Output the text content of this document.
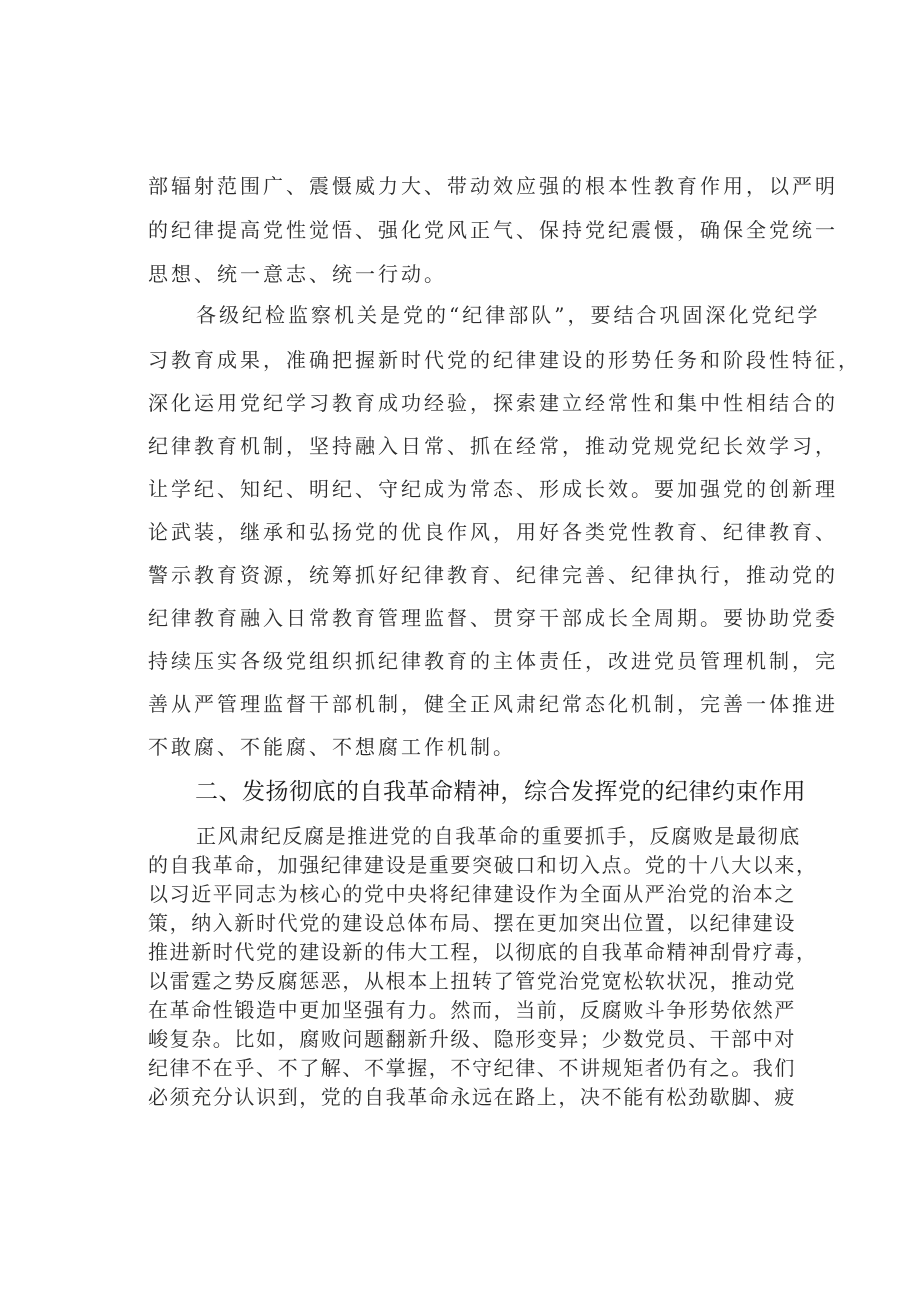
部辐射范围广、震慑威力大、带动效应强的根本性教育作用，以严明
的纪律提高党性觉悟、强化党风正气、保持党纪震慑，确保全党统一
思想、统一意志、统一行动。
各级纪检监察机关是党的“纪律部队”，要结合巩固深化党纪学
习教育成果，准确把握新时代党的纪律建设的形势任务和阶段性特征，
深化运用党纪学习教育成功经验，探索建立经常性和集中性相结合的
纪律教育机制，坚持融入日常、抓在经常，推动党规党纪长效学习，
让学纪、知纪、明纪、守纪成为常态、形成长效。要加强党的创新理
论武装，继承和弘扬党的优良作风，用好各类党性教育、纪律教育、
警示教育资源，统筹抓好纪律教育、纪律完善、纪律执行，推动党的
纪律教育融入日常教育管理监督、贯穿干部成长全周期。要协助党委
持续压实各级党组织抓纪律教育的主体责任，改进党员管理机制，完
善从严管理监督干部机制，健全正风肃纪常态化机制，完善一体推进
不敢腐、不能腐、不想腐工作机制。
二、发扬彻底的自我革命精神，综合发挥党的纪律约束作用
正风肃纪反腐是推进党的自我革命的重要抓手，反腐败是最彻底
的自我革命，加强纪律建设是重要突破口和切入点。党的十八大以来，
以习近平同志为核心的党中央将纪律建设作为全面从严治党的治本之
策，纳入新时代党的建设总体布局、摆在更加突出位置，以纪律建设
推进新时代党的建设新的伟大工程，以彻底的自我革命精神刮骨疗毒，
以雷霆之势反腐惩恶，从根本上扭转了管党治党宽松软状况，推动党
在革命性锻造中更加坚强有力。然而，当前，反腐败斗争形势依然严
峻复杂。比如，腐败问题翻新升级、隐形变异；少数党员、干部中对
纪律不在乎、不了解、不掌握，不守纪律、不讲规矩者仍有之。我们
必须充分认识到，党的自我革命永远在路上，决不能有松劲歇脚、疲
